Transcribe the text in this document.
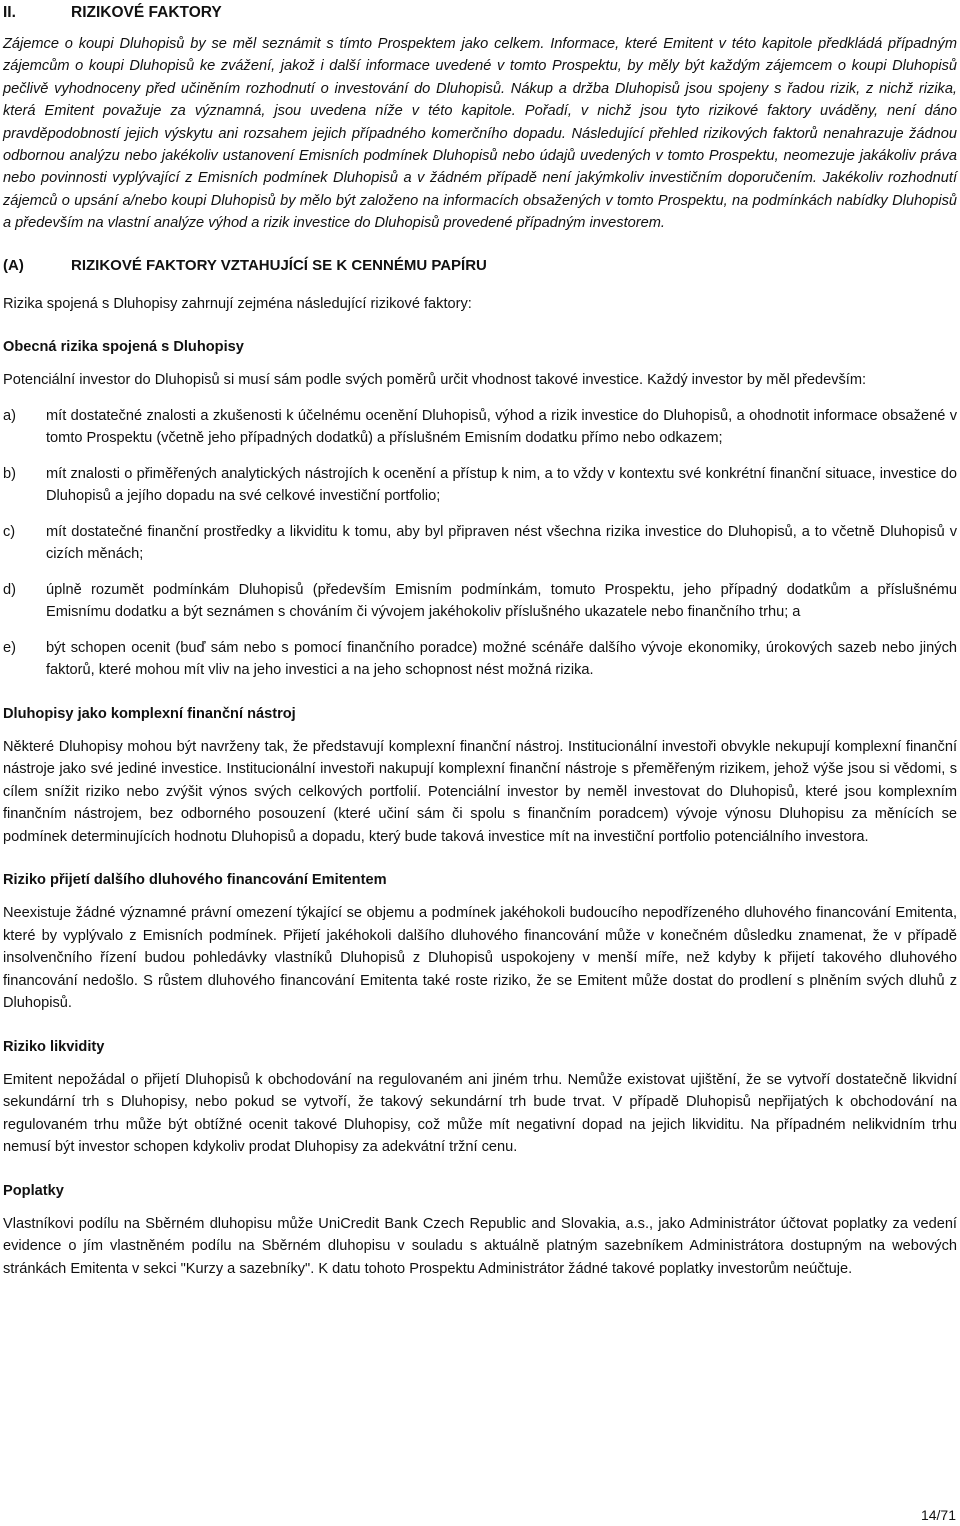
II.	RIZIKOVÉ FAKTORY

Zájemce o koupi Dluhopisů by se měl seznámit s tímto Prospektem jako celkem. Informace, které Emitent v této kapitole předkládá případným zájemcům o koupi Dluhopisů ke zvážení, jakož i další informace uvedené v tomto Prospektu, by měly být každým zájemcem o koupi Dluhopisů pečlivě vyhodnoceny před učiněním rozhodnutí o investování do Dluhopisů. Nákup a držba Dluhopisů jsou spojeny s řadou rizik, z nichž rizika, která Emitent považuje za významná, jsou uvedena níže v této kapitole. Pořadí, v nichž jsou tyto rizikové faktory uváděny, není dáno pravděpodobností jejich výskytu ani rozsahem jejich případného komerčního dopadu. Následující přehled rizikových faktorů nenahrazuje žádnou odbornou analýzu nebo jakékoliv ustanovení Emisních podmínek Dluhopisů nebo údajů uvedených v tomto Prospektu, neomezuje jakákoliv práva nebo povinnosti vyplývající z Emisních podmínek Dluhopisů a v žádném případě není jakýmkoliv investičním doporučením. Jakékoliv rozhodnutí zájemců o upsání a/nebo koupi Dluhopisů by mělo být založeno na informacích obsažených v tomto Prospektu, na podmínkách nabídky Dluhopisů a především na vlastní analýze výhod a rizik investice do Dluhopisů provedené případným investorem.

(A)	RIZIKOVÉ FAKTORY VZTAHUJÍCÍ SE K CENNÉMU PAPÍRU

Rizika spojená s Dluhopisy zahrnují zejména následující rizikové faktory:

Obecná rizika spojená s Dluhopisy

Potenciální investor do Dluhopisů si musí sám podle svých poměrů určit vhodnost takové investice. Každý investor by měl především:

a)	mít dostatečné znalosti a zkušenosti k účelnému ocenění Dluhopisů, výhod a rizik investice do Dluhopisů, a ohodnotit informace obsažené v tomto Prospektu (včetně jeho případných dodatků) a příslušném Emisním dodatku přímo nebo odkazem;
b)	mít znalosti o přiměřených analytických nástrojích k ocenění a přístup k nim, a to vždy v kontextu své konkrétní finanční situace, investice do Dluhopisů a jejího dopadu na své celkové investiční portfolio;
c)	mít dostatečné finanční prostředky a likviditu k tomu, aby byl připraven nést všechna rizika investice do Dluhopisů, a to včetně Dluhopisů v cizích měnách;
d)	úplně rozumět podmínkám Dluhopisů (především Emisním podmínkám, tomuto Prospektu, jeho případný dodatkům a příslušnému Emisnímu dodatku a být seznámen s chováním či vývojem jakéhokoliv příslušného ukazatele nebo finančního trhu; a
e)	být schopen ocenit (buď sám nebo s pomocí finančního poradce) možné scénáře dalšího vývoje ekonomiky, úrokových sazeb nebo jiných faktorů, které mohou mít vliv na jeho investici a na jeho schopnost nést možná rizika.
Dluhopisy jako komplexní finanční nástroj

Některé Dluhopisy mohou být navrženy tak, že představují komplexní finanční nástroj. Institucionální investoři obvykle nekupují komplexní finanční nástroje jako své jediné investice. Institucionální investoři nakupují komplexní finanční nástroje s přeměřeným rizikem, jehož výše jsou si vědomi, s cílem snížit riziko nebo zvýšit výnos svých celkových portfolií. Potenciální investor by neměl investovat do Dluhopisů, které jsou komplexním finančním nástrojem, bez odborného posouzení (které učiní sám či spolu s finančním poradcem) vývoje výnosu Dluhopisu za měnících se podmínek determinujících hodnotu Dluhopisů a dopadu, který bude taková investice mít na investiční portfolio potenciálního investora.

Riziko přijetí dalšího dluhového financování Emitentem

Neexistuje žádné významné právní omezení týkající se objemu a podmínek jakéhokoli budoucího nepodřízeného dluhového financování Emitenta, které by vyplývalo z Emisních podmínek. Přijetí jakéhokoli dalšího dluhového financování může v konečném důsledku znamenat, že v případě insolvenčního řízení budou pohledávky vlastníků Dluhopisů z Dluhopisů uspokojeny v menší míře, než kdyby k přijetí takového dluhového financování nedošlo. S růstem dluhového financování Emitenta také roste riziko, že se Emitent může dostat do prodlení s plněním svých dluhů z Dluhopisů.

Riziko likvidity

Emitent nepožádal o přijetí Dluhopisů k obchodování na regulovaném ani jiném trhu. Nemůže existovat ujištění, že se vytvoří dostatečně likvidní sekundární trh s Dluhopisy, nebo pokud se vytvoří, že takový sekundární trh bude trvat. V případě Dluhopisů nepřijatých k obchodování na regulovaném trhu může být obtížné ocenit takové Dluhopisy, což může mít negativní dopad na jejich likviditu. Na případném nelikvidním trhu nemusí být investor schopen kdykoliv prodat Dluhopisy za adekvátní tržní cenu.

Poplatky

Vlastníkovi podílu na Sběrném dluhopisu může UniCredit Bank Czech Republic and Slovakia, a.s., jako Administrátor účtovat poplatky za vedení evidence o jím vlastněném podílu na Sběrném dluhopisu v souladu s aktuálně platným sazebníkem Administrátora dostupným na webových stránkách Emitenta v sekci "Kurzy a sazebníky". K datu tohoto Prospektu Administrátor žádné takové poplatky investorům neúčtuje.

14/71
